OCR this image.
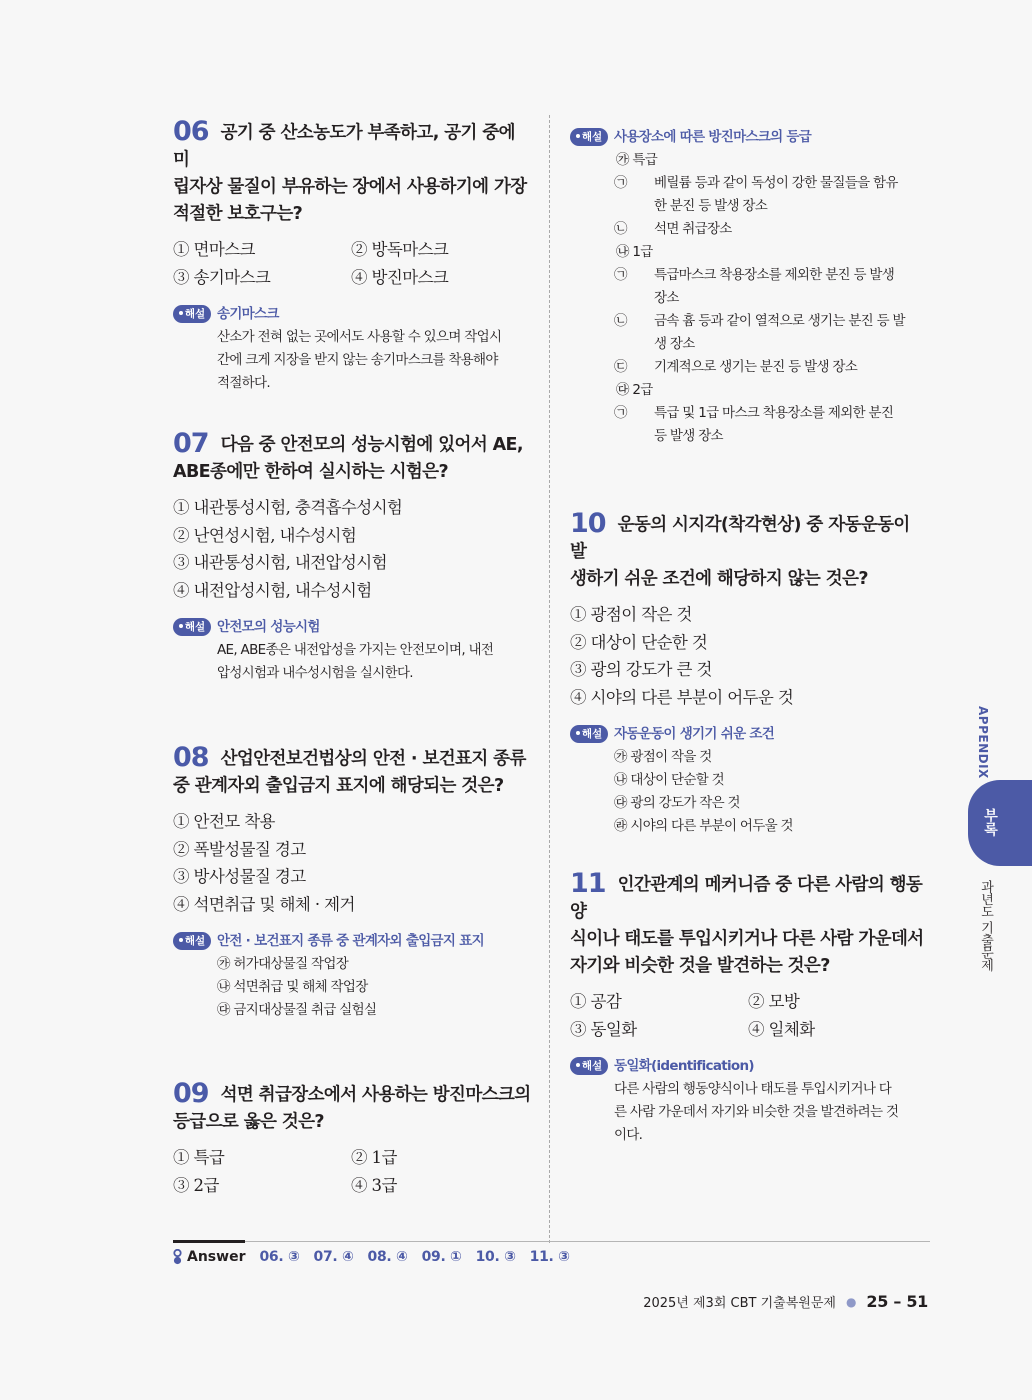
06 공기 중 산소농도가 부족하고, 공기 중에 미
립자상 물질이 부유하는 장에서 사용하기에 가장
적절한 보호구는?
① 면마스크	② 방독마스크
③ 송기마스크	④ 방진마스크
해설 송기마스크
산소가 전혀 없는 곳에서도 사용할 수 있으며 작업시
간에 크게 지장을 받지 않는 송기마스크를 착용해야
적절하다.
07 다음 중 안전모의 성능시험에 있어서 AE,
ABE종에만 한하여 실시하는 시험은?
① 내관통성시험, 충격흡수성시험
② 난연성시험, 내수성시험
③ 내관통성시험, 내전압성시험
④ 내전압성시험, 내수성시험
해설 안전모의 성능시험
AE, ABE종은 내전압성을 가지는 안전모이며, 내전
압성시험과 내수성시험을 실시한다.
08 산업안전보건법상의 안전 · 보건표지 종류
중 관계자외 출입금지 표지에 해당되는 것은?
① 안전모 착용
② 폭발성물질 경고
③ 방사성물질 경고
④ 석면취급 및 해체 · 제거
해설 안전 · 보건표지 종류 중 관계자외 출입금지 표지
㉮ 허가대상물질 작업장
㉯ 석면취급 및 해체 작업장
㉰ 금지대상물질 취급 실험실
09 석면 취급장소에서 사용하는 방진마스크의
등급으로 옳은 것은?
① 특급	② 1급
③ 2급	④ 3급
해설 사용장소에 따른 방진마스크의 등급
㉮ 특급
㉠	베릴륨 등과 같이 독성이 강한 물질들을 함유
한 분진 등 발생 장소
㉡	석면 취급장소
㉯ 1급
㉠	특급마스크 착용장소를 제외한 분진 등 발생
장소
㉡	금속 흄 등과 같이 열적으로 생기는 분진 등 발
생 장소
㉢	기계적으로 생기는 분진 등 발생 장소
㉰ 2급
㉠	특급 및 1급 마스크 착용장소를 제외한 분진
등 발생 장소
10 운동의 시지각(착각현상) 중 자동운동이 발
생하기 쉬운 조건에 해당하지 않는 것은?
① 광점이 작은 것
② 대상이 단순한 것
③ 광의 강도가 큰 것
④ 시야의 다른 부분이 어두운 것
해설 자동운동이 생기기 쉬운 조건
㉮ 광점이 작을 것
㉯ 대상이 단순할 것
㉰ 광의 강도가 작은 것
㉱ 시야의 다른 부분이 어두울 것
11 인간관계의 메커니즘 중 다른 사람의 행동 양
식이나 태도를 투입시키거나 다른 사람 가운데서
자기와 비슷한 것을 발견하는 것은?
① 공감	② 모방
③ 동일화	④ 일체화
해설 동일화(identification)
다른 사람의 행동양식이나 태도를 투입시키거나 다
른 사람 가운데서 자기와 비슷한 것을 발견하려는 것
이다.
APPENDIX
부록
과년도 기출문제
Answer 06. ③ 07. ④ 08. ④ 09. ① 10. ③ 11. ③
2025년 제3회 CBT 기출복원문제 ● 25 – 51
